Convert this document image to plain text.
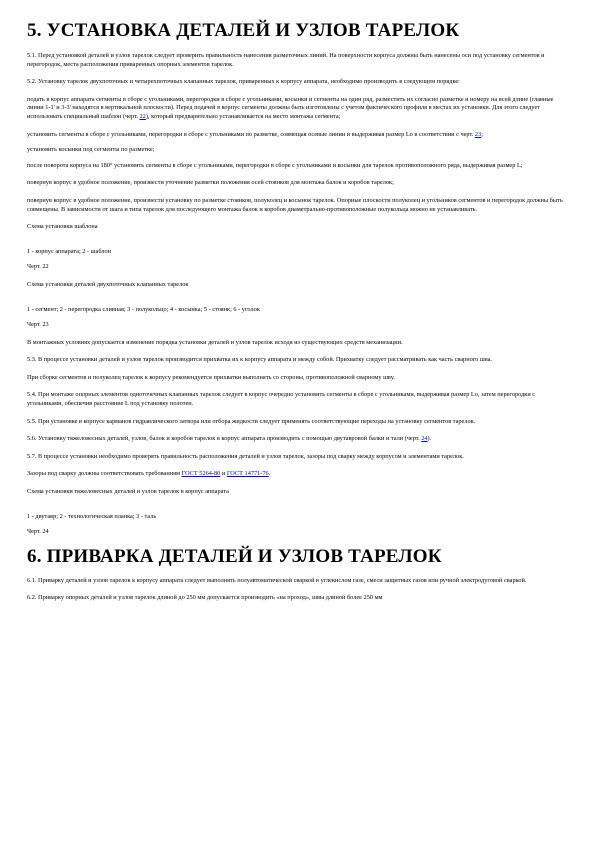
5. УСТАНОВКА ДЕТАЛЕЙ И УЗЛОВ ТАРЕЛОК

5.1. Перед установкой деталей и узлов тарелок следует проверить правильность нанесения разметочных линий. На поверхности корпуса должны быть нанесены оси под установку сегментов и перегородок, места расположения приваренных опорных элементов тарелок.

5.2. Установку тарелок двухпоточных и четырехпоточных клапанных тарелок, приваренных к корпусу аппарата, необходимо производить в следующем порядке:

подать в корпус аппарата сегменты в сборе с угольниками, перегородки в сборе с угольниками, косынки и сегменты на один ряд, разместить их согласно разметке и номеру на всей длине (главные линии 1-1' и 3-3' находятся в вертикальной плоскости). Перед подачей в корпус сегменты должны быть изготовлены с учетом фактического профиля в местах их установки. Для этого следует использовать специальный шаблон (черт. 22), который предварительно устанавливается на место монтажа сегмента;

установить сегменты в сборе с угольниками, перегородки в сборе с угольниками по разметке, совмещая осевые линии и выдерживая размер Lo в соответствии с черт. 23;

установить косынки под сегменты по разметке;

после поворота корпуса на 180° установить сегменты в сборе с угольниками, перегородки в сборе с угольниками и косынки для тарелок противоположного ряда, выдерживая размер L;

повернув корпус в удобное положение, произвести уточнение разметки положения осей стоянков для монтажа балок и коробов тарелок;

повернув корпус в удобное положение, произвести установку по разметке стоянков, полуколец и косынок тарелок. Опорные плоскости полуколец и угольников сегментов и перегородок должны быть совмещены. В зависимости от шага и типа тарелок для последующего монтажа балок и коробов диаметрально-противоположные полукольца можно не устанавливать.

Схема установки шаблона

1 - корпус аппарата; 2 - шаблон

Черт. 22

Схема установки деталей двухпоточных клапанных тарелок

1 - сегмент; 2 - перегородка сливная; 3 - полукольцо; 4 - косынка; 5 - стоянк; 6 - уголок

Черт. 23

В монтажных условиях допускается изменение порядка установки деталей и узлов тарелок исходя из существующих средств механизации.

5.3. В процессе установки деталей и узлов тарелок производится прихватка их к корпусу аппарата и между собой. Прихватку следует рассматривать как часть сварного шва.

При сборке сегментов и полуколец тарелок к корпусу рекомендуется прихватки выполнять со стороны, противоположной сварному шву.

5.4. При монтаже опорных элементов одноточечных клапанных тарелок следует в корпус очередно установить сегменты в сборе с угольниками, выдерживая размер Lo, затем перегородки с угольниками, обеспечив расстояние L под установку полотен.

5.5. При установке в корпусе карманов гидравлического затвора или отбора жидкости следует применять соответствующие переходы на установку сегментов тарелок.

5.6. Установку тяжеловесных деталей, узлов, балок и коробов тарелок в корпус аппарата производить с помощью двутавровой балки и тали (черт. 24).

5.7. В процессе установки необходимо проверять правильность расположения деталей и узлов тарелок, зазоры под сварку между корпусом и элементами тарелок.

Зазоры под сварку должны соответствовать требованиям ГОСТ 5264-80 и ГОСТ 14771-76.

Схема установки тяжеловесных деталей и узлов тарелок в корпус аппарата

1 - двутавр; 2 - технологическая планка; 3 - таль

Черт. 24

6. ПРИВАРКА ДЕТАЛЕЙ И УЗЛОВ ТАРЕЛОК

6.1. Приварку деталей и узлов тарелок к корпусу аппарата следует выполнять полуавтоматической сваркой в углекислом газе, смеси защитных газов или ручной электродуговой сваркой.

6.2. Приварку опорных деталей и узлов тарелок длиной до 250 мм допускается производить «на проход», швы длиной более 250 мм
